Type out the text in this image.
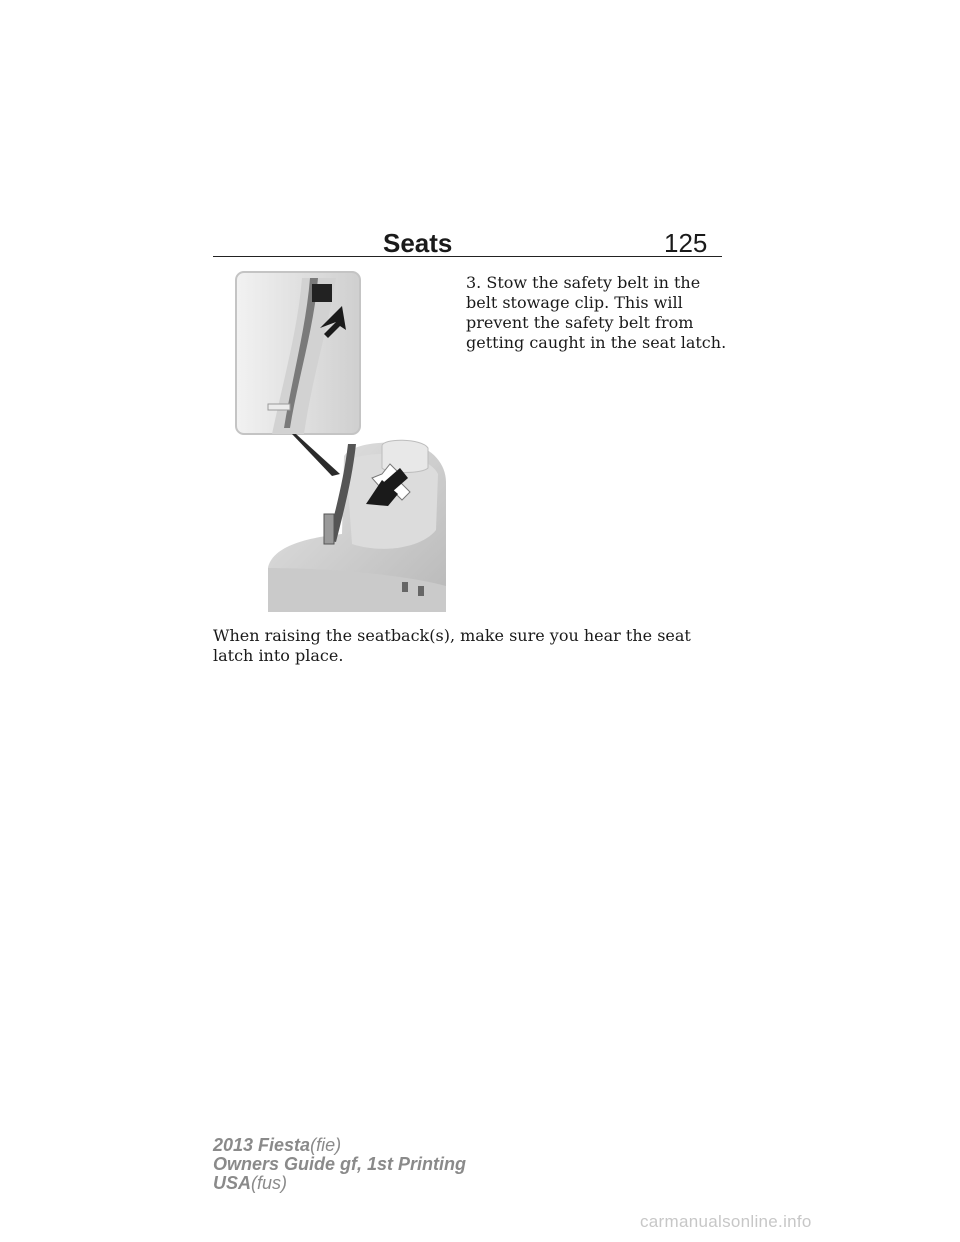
Seats	125
3. Stow the safety belt in the belt stowage clip. This will prevent the safety belt from getting caught in the seat latch.
When raising the seatback(s), make sure you hear the seat latch into place.
2013 Fiesta(fie)
Owners Guide gf, 1st Printing
USA(fus)
carmanualsonline.info
